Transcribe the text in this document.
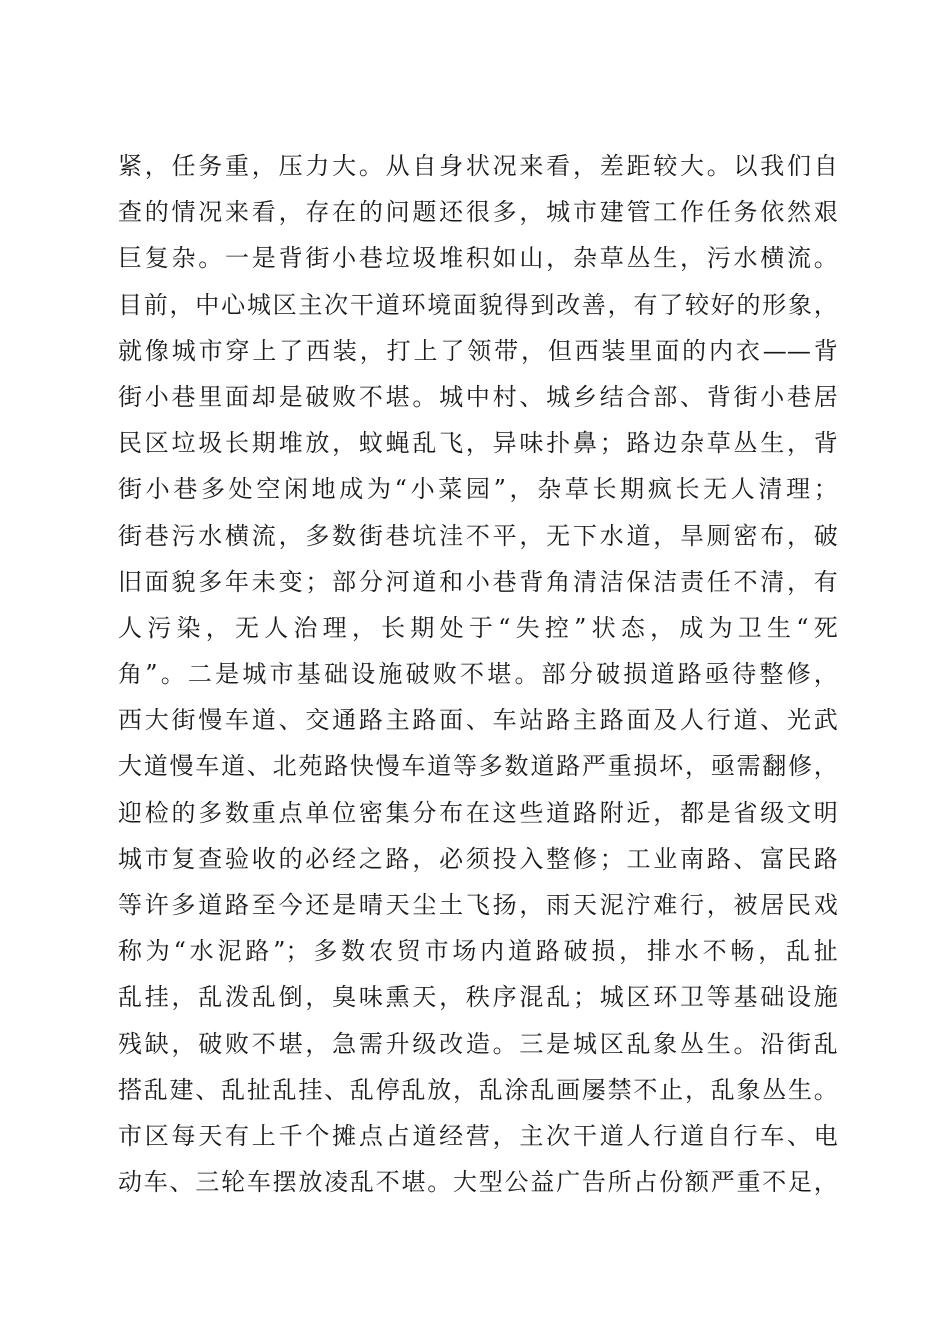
紧，任务重，压力大。从自身状况来看，差距较大。以我们自
查的情况来看，存在的问题还很多，城市建管工作任务依然艰
巨复杂。一是背街小巷垃圾堆积如山，杂草丛生，污水横流。
目前，中心城区主次干道环境面貌得到改善，有了较好的形象，
就像城市穿上了西装，打上了领带，但西装里面的内衣——背
街小巷里面却是破败不堪。城中村、城乡结合部、背街小巷居
民区垃圾长期堆放，蚊蝇乱飞，异味扑鼻；路边杂草丛生，背
街小巷多处空闲地成为“小菜园”，杂草长期疯长无人清理；
街巷污水横流，多数街巷坑洼不平，无下水道，旱厕密布，破
旧面貌多年未变；部分河道和小巷背角清洁保洁责任不清，有
人污染，无人治理，长期处于“失控”状态，成为卫生“死
角”。二是城市基础设施破败不堪。部分破损道路亟待整修，
西大街慢车道、交通路主路面、车站路主路面及人行道、光武
大道慢车道、北苑路快慢车道等多数道路严重损坏，亟需翻修，
迎检的多数重点单位密集分布在这些道路附近，都是省级文明
城市复查验收的必经之路，必须投入整修；工业南路、富民路
等许多道路至今还是晴天尘土飞扬，雨天泥泞难行，被居民戏
称为“水泥路”；多数农贸市场内道路破损，排水不畅，乱扯
乱挂，乱泼乱倒，臭味熏天，秩序混乱；城区环卫等基础设施
残缺，破败不堪，急需升级改造。三是城区乱象丛生。沿街乱
搭乱建、乱扯乱挂、乱停乱放，乱涂乱画屡禁不止，乱象丛生。
市区每天有上千个摊点占道经营，主次干道人行道自行车、电
动车、三轮车摆放凌乱不堪。大型公益广告所占份额严重不足，
